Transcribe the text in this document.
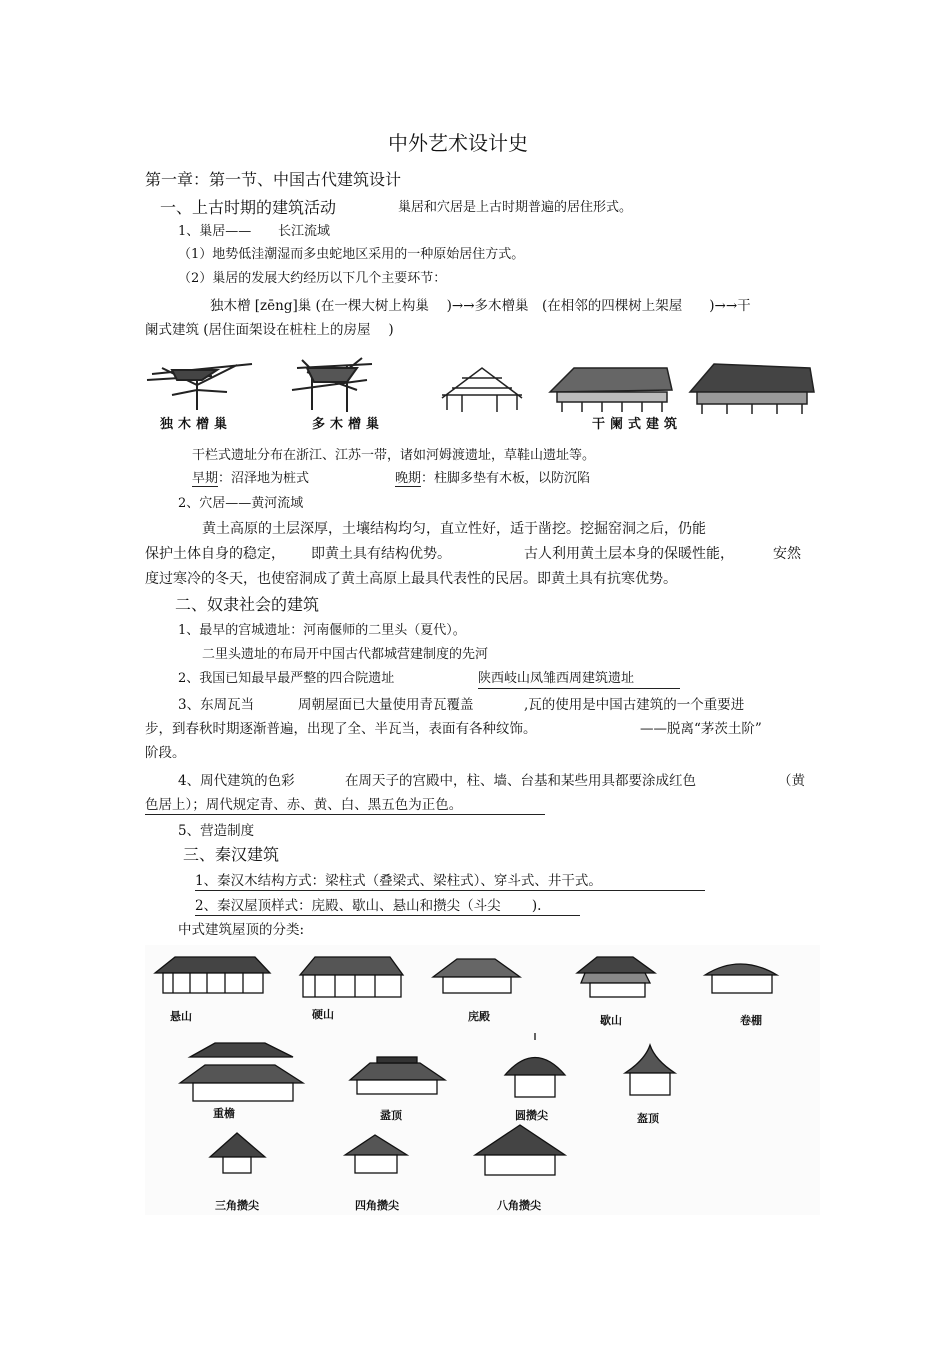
中外艺术设计史
第一章：第一节、中国古代建筑设计
一、上古时期的建筑活动	巢居和穴居是上古时期普遍的居住形式。
1、巢居—— 长江流域
（1）地势低洼潮湿而多虫蛇地区采用的一种原始居住方式。
（2）巢居的发展大约经历以下几个主要环节：
独木橧 [zēng]巢 (在一棵大树上构巢　 )→→多木橧巢　(在相邻的四棵树上架屋　　)→→干
阑式建筑 (居住面架设在桩柱上的房屋　 )
独木橧巢	多木橧巢	干阑式建筑
干栏式遗址分布在浙江、江苏一带，诸如河姆渡遗址，草鞋山遗址等。
早期：沼泽地为桩式	晚期：柱脚多垫有木板，以防沉陷
2、穴居——黄河流域
黄土高原的土层深厚，土壤结构均匀，直立性好，适于凿挖。挖掘窑洞之后，仍能
保护土体自身的稳定， 即黄土具有结构优势。	古人利用黄土层本身的保暖性能，	安然
度过寒冷的冬天，也使窑洞成了黄土高原上最具代表性的民居。即黄土具有抗寒优势。
二、奴隶社会的建筑
1、最早的宫城遗址：河南偃师的二里头（夏代）。
二里头遗址的布局开中国古代都城营建制度的先河
2、我国已知最早最严整的四合院遗址	陕西岐山凤雏西周建筑遗址
3、东周瓦当	周朝屋面已大量使用青瓦覆盖	,瓦的使用是中国古建筑的一个重要进
步，到春秋时期逐渐普遍，出现了全、半瓦当，表面有各种纹饰。	——脱离“茅茨土阶”
阶段。
4、周代建筑的色彩	在周天子的宫殿中，柱、墙、台基和某些用具都要涂成红色	（黄
色居上）；周代规定青、赤、黄、白、黑五色为正色。
5、营造制度
三、秦汉建筑
1、秦汉木结构方式：梁柱式（叠梁式、梁柱式）、穿斗式、井干式。
2、秦汉屋顶样式：庑殿、歇山、悬山和攒尖（斗尖　　 ).
中式建筑屋顶的分类:
悬山	硬山	庑殿	歇山	卷棚
重檐	盝顶	圆攒尖	盔顶
三角攒尖	四角攒尖	八角攒尖
